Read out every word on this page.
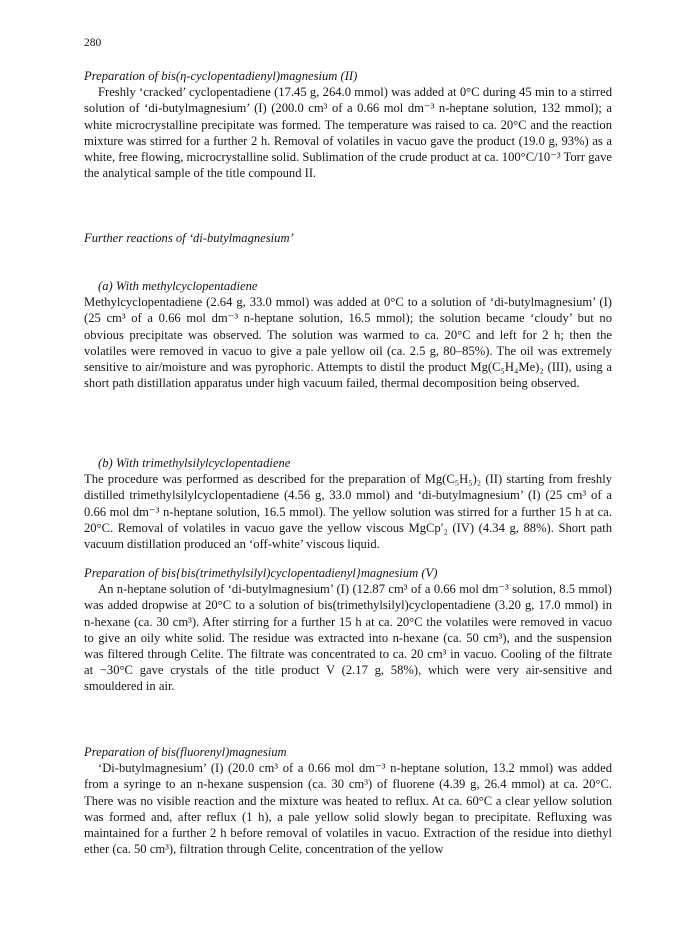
280
Preparation of bis(η-cyclopentadienyl)magnesium (II)

Freshly ‘cracked’ cyclopentadiene (17.45 g, 264.0 mmol) was added at 0°C during 45 min to a stirred solution of ‘di-butylmagnesium’ (I) (200.0 cm³ of a 0.66 mol dm⁻³ n-heptane solution, 132 mmol); a white microcrystalline precipitate was formed. The temperature was raised to ca. 20°C and the reaction mixture was stirred for a further 2 h. Removal of volatiles in vacuo gave the product (19.0 g, 93%) as a white, free flowing, microcrystalline solid. Sublimation of the crude product at ca. 100°C/10⁻³ Torr gave the analytical sample of the title compound II.

Further reactions of ‘di-butylmagnesium’
(a) With methylcyclopentadiene

Methylcyclopentadiene (2.64 g, 33.0 mmol) was added at 0°C to a solution of ‘di-butylmagnesium’ (I) (25 cm³ of a 0.66 mol dm⁻³ n-heptane solution, 16.5 mmol); the solution became ‘cloudy’ but no obvious precipitate was observed. The solution was warmed to ca. 20°C and left for 2 h; then the volatiles were removed in vacuo to give a pale yellow oil (ca. 2.5 g, 80–85%). The oil was extremely sensitive to air/moisture and was pyrophoric. Attempts to distil the product Mg(C₅H₄Me)₂ (III), using a short path distillation apparatus under high vacuum failed, thermal decomposition being observed.

(b) With trimethylsilylcyclopentadiene

The procedure was performed as described for the preparation of Mg(C₅H₅)₂ (II) starting from freshly distilled trimethylsilylcyclopentadiene (4.56 g, 33.0 mmol) and ‘di-butylmagnesium’ (I) (25 cm³ of a 0.66 mol dm⁻³ n-heptane solution, 16.5 mmol). The yellow solution was stirred for a further 15 h at ca. 20°C. Removal of volatiles in vacuo gave the yellow viscous MgCp′₂ (IV) (4.34 g, 88%). Short path vacuum distillation produced an ‘off-white’ viscous liquid.

Preparation of bis{bis(trimethylsilyl)cyclopentadienyl}magnesium (V)

An n-heptane solution of ‘di-butylmagnesium’ (I) (12.87 cm³ of a 0.66 mol dm⁻³ solution, 8.5 mmol) was added dropwise at 20°C to a solution of bis(trimethylsilyl)cyclopentadiene (3.20 g, 17.0 mmol) in n-hexane (ca. 30 cm³). After stirring for a further 15 h at ca. 20°C the volatiles were removed in vacuo to give an oily white solid. The residue was extracted into n-hexane (ca. 50 cm³), and the suspension was filtered through Celite. The filtrate was concentrated to ca. 20 cm³ in vacuo. Cooling of the filtrate at −30°C gave crystals of the title product V (2.17 g, 58%), which were very air-sensitive and smouldered in air.

Preparation of bis(fluorenyl)magnesium

‘Di-butylmagnesium’ (I) (20.0 cm³ of a 0.66 mol dm⁻³ n-heptane solution, 13.2 mmol) was added from a syringe to an n-hexane suspension (ca. 30 cm³) of fluorene (4.39 g, 26.4 mmol) at ca. 20°C. There was no visible reaction and the mixture was heated to reflux. At ca. 60°C a clear yellow solution was formed and, after reflux (1 h), a pale yellow solid slowly began to precipitate. Refluxing was maintained for a further 2 h before removal of volatiles in vacuo. Extraction of the residue into diethyl ether (ca. 50 cm³), filtration through Celite, concentration of the yellow
